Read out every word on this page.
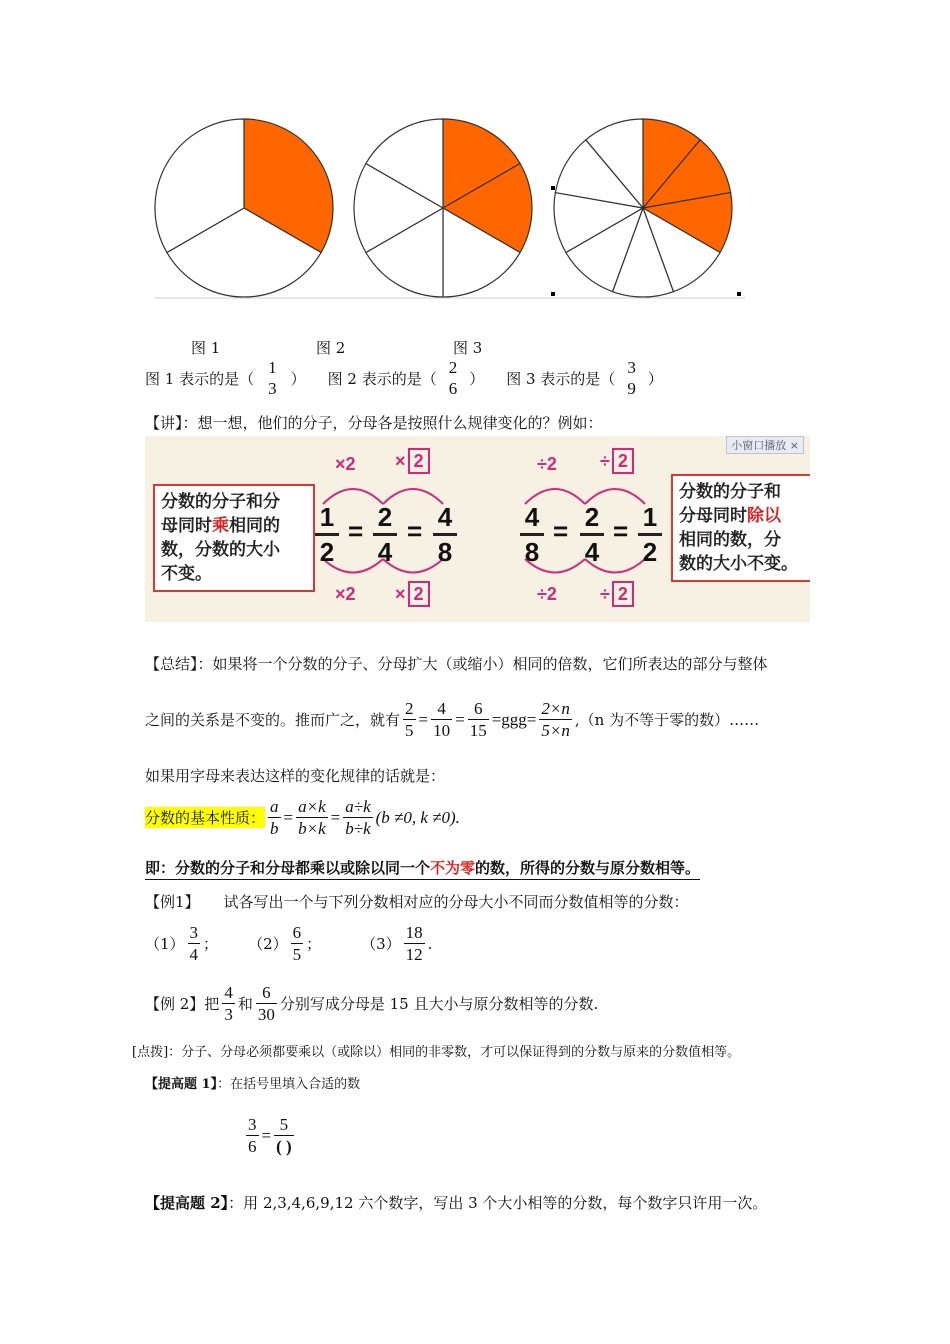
图 1	图 2	图 3
图 1 表示的是（
1
3
） 图 2 表示的是（
2
6
） 图 3 表示的是（
3
9
）
【讲】：想一想，他们的分子，分母各是按照什么规律变化的？例如：
小窗口播放 ×
分数的分子和分
母同时乘相同的
数，分数的大小
不变。
×2 × 2
×2 × 2
1
2
= 2
4
= 4
8
÷2 ÷ 2
÷2 ÷ 2
4
8
= 2
4
= 1
2
分数的分子和
分母同时除以
相同的数，分
数的大小不变。
【总结】：如果将一个分数的分子、分母扩大（或缩小）相同的倍数，它们所表达的部分与整体
之间的关系是不变的。推而广之，就有 $\frac{2}{5} = \frac{4}{10} = \frac{6}{15} =ggg= \frac{2\times n}{5\times n} ,(n$ 为不等于零的数）……
如果用字母来表达这样的变化规律的话就是：
分数的基本性质： $\frac{a}{b} = \frac{a\times k}{b\times k} = \frac{a\div k}{b\div k} (b \ne 0$, k ≠0).
即：分数的分子和分母都乘以或除以同一个不为零的数，所得的分数与原分数相等。
【例1】 试各写出一个与下列分数相对应的分母大小不同而分数值相等的分数：
$(1) \frac{3}{4}$ ； $(2) \frac{6}{5}$ ；	$(3) \frac{18}{12}$ .
【例 2】把 $\frac{4}{3}$ 和 $\frac{6}{30}$ 分别写成分母是 15 且大小与原分数相等的分数.
[点拨]：分子、分母必须都要乘以（或除以）相同的非零数，才可以保证得到的分数与原来的分数值相等。
【提高题 1】：在括号里填入合适的数
$\frac{3}{6} = \frac{5}{( )}$
【提高题 2】：用 2,3,4,6,9,12 六个数字，写出 3 个大小相等的分数，每个数字只许用一次。
